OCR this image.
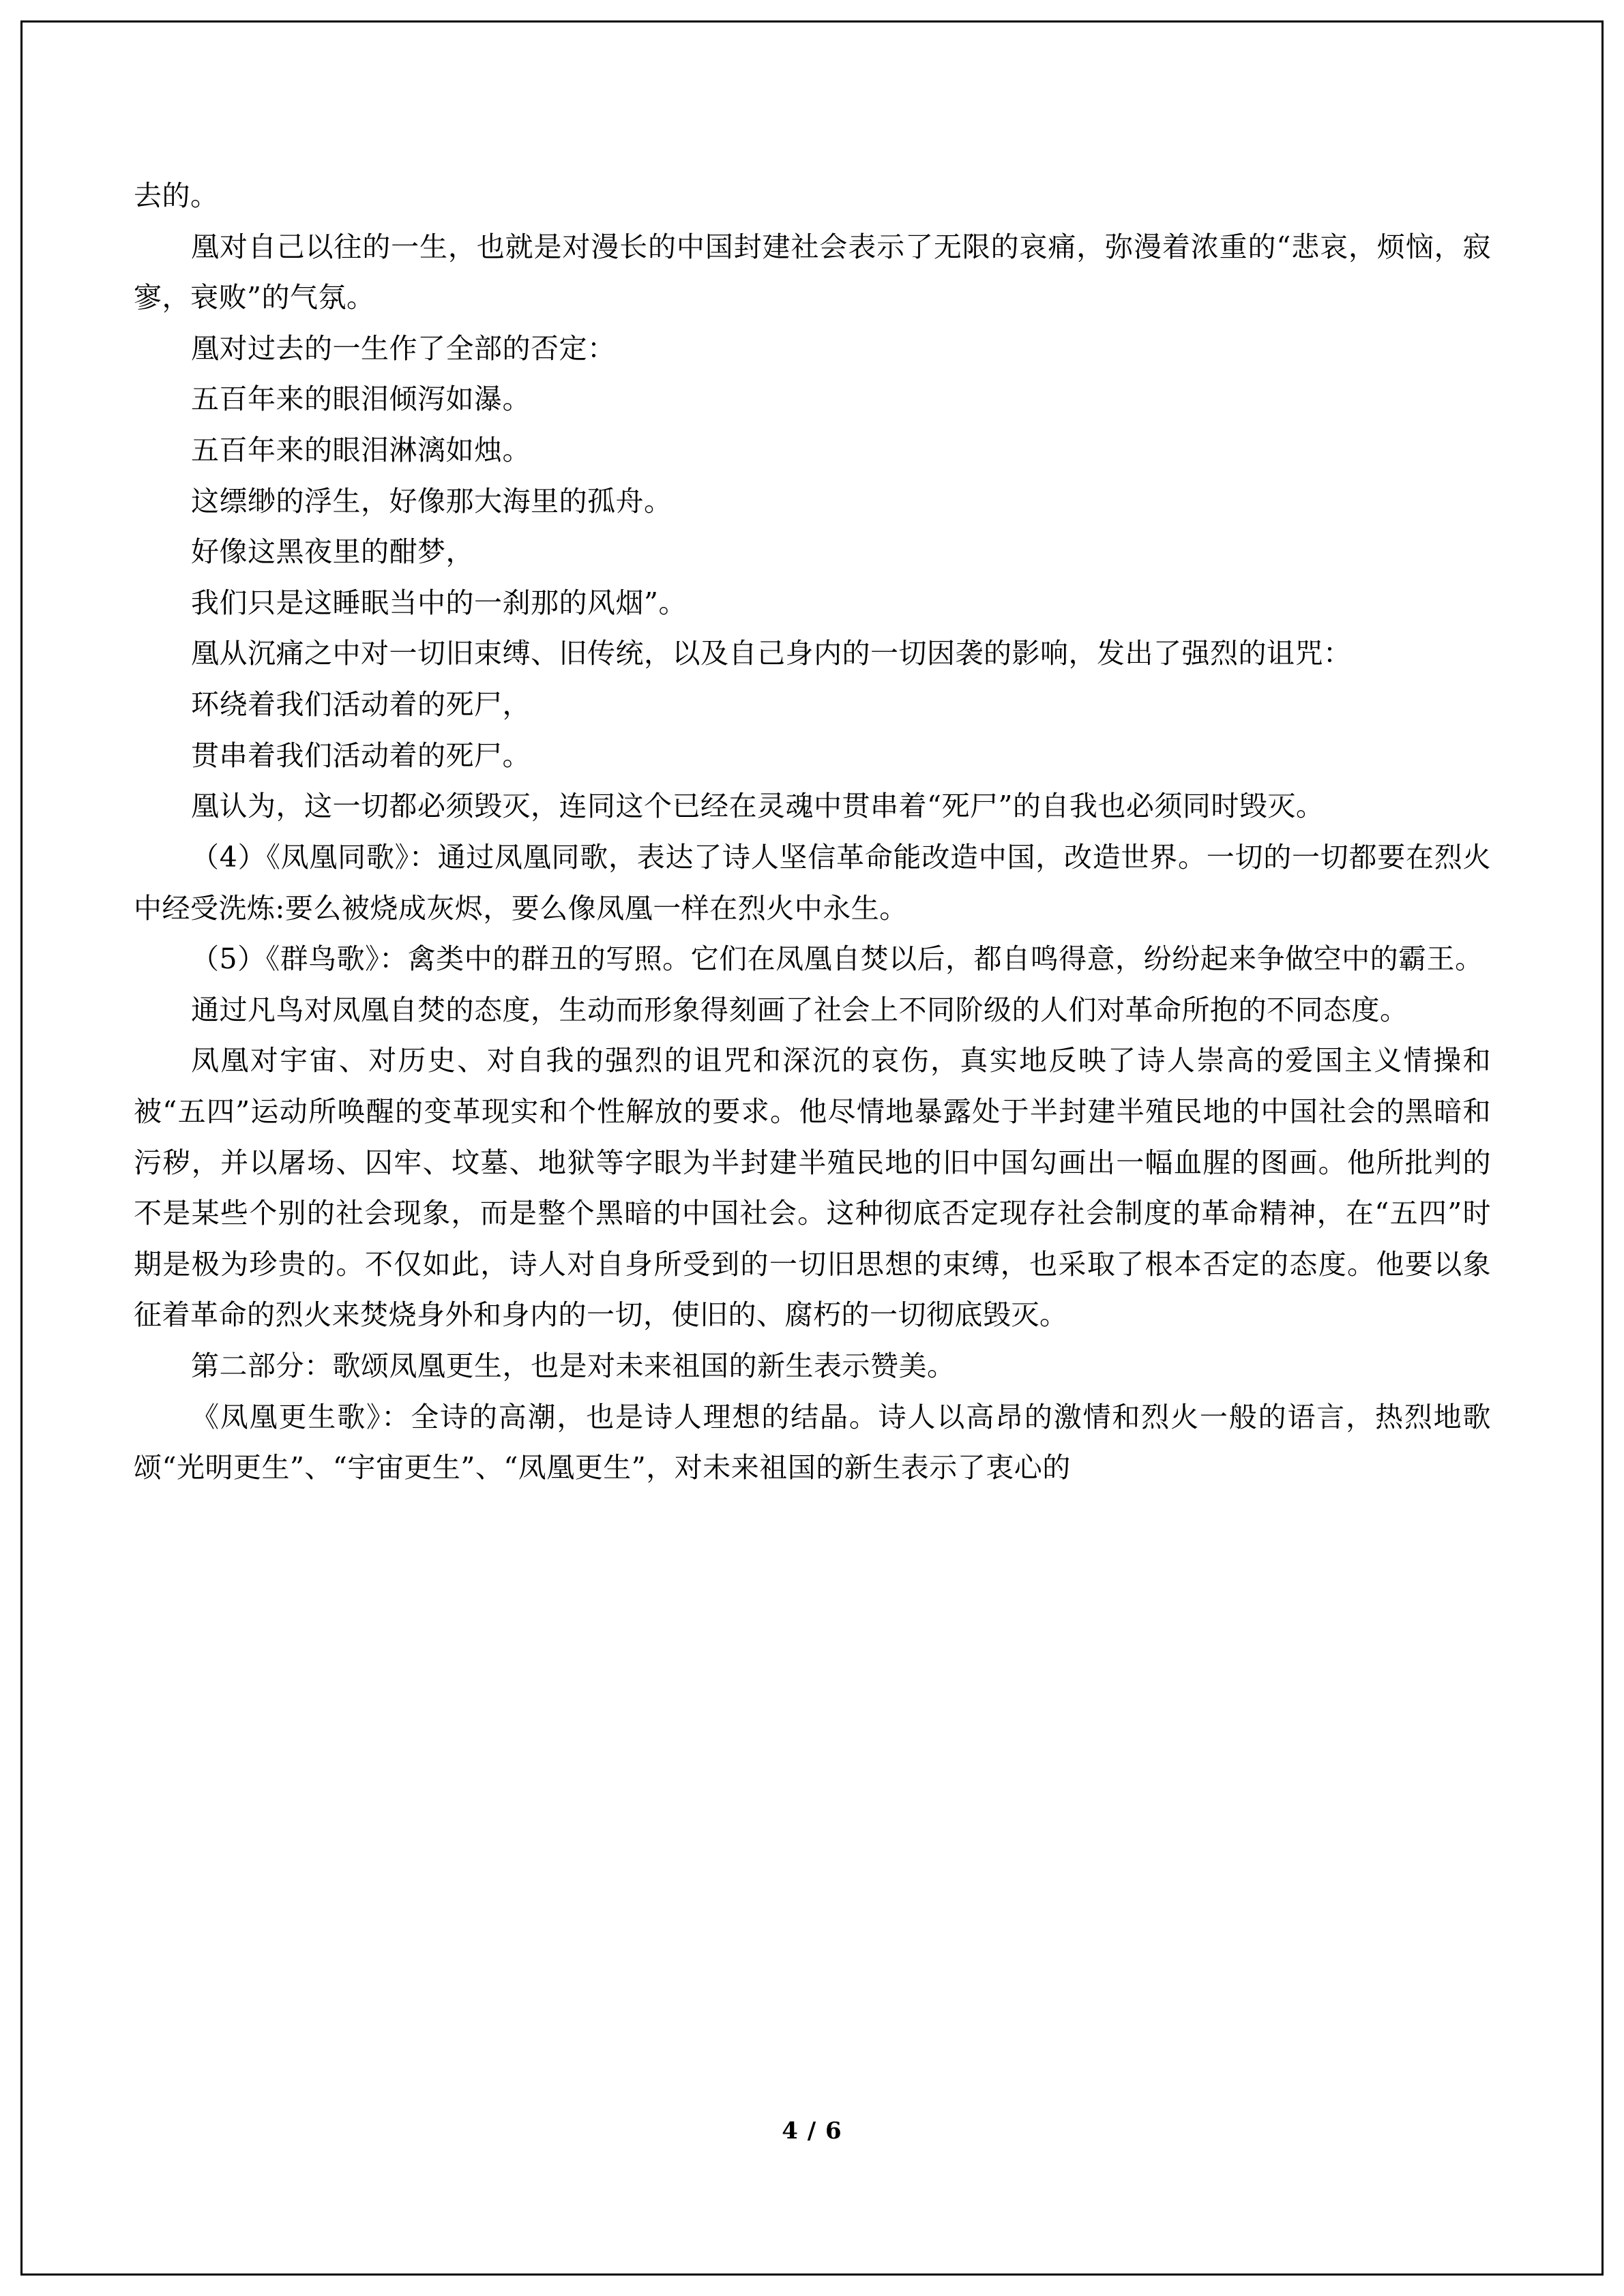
去的。

凰对自己以往的一生，也就是对漫长的中国封建社会表示了无限的哀痛，弥漫着浓重的“悲哀，烦恼，寂寥，衰败”的气氛。

凰对过去的一生作了全部的否定：

五百年来的眼泪倾泻如瀑。

五百年来的眼泪淋漓如烛。

这缥缈的浮生，好像那大海里的孤舟。

好像这黑夜里的酣梦，

我们只是这睡眠当中的一刹那的风烟”。

凰从沉痛之中对一切旧束缚、旧传统，以及自己身内的一切因袭的影响，发出了强烈的诅咒：

环绕着我们活动着的死尸，

贯串着我们活动着的死尸。

凰认为，这一切都必须毁灭，连同这个已经在灵魂中贯串着“死尸”的自我也必须同时毁灭。

（4）《凤凰同歌》：通过凤凰同歌，表达了诗人坚信革命能改造中国，改造世界。一切的一切都要在烈火中经受洗炼:要么被烧成灰烬，要么像凤凰一样在烈火中永生。

（5）《群鸟歌》：禽类中的群丑的写照。它们在凤凰自焚以后，都自鸣得意，纷纷起来争做空中的霸王。

通过凡鸟对凤凰自焚的态度，生动而形象得刻画了社会上不同阶级的人们对革命所抱的不同态度。

凤凰对宇宙、对历史、对自我的强烈的诅咒和深沉的哀伤，真实地反映了诗人崇高的爱国主义情操和被“五四”运动所唤醒的变革现实和个性解放的要求。他尽情地暴露处于半封建半殖民地的中国社会的黑暗和污秽，并以屠场、囚牢、坟墓、地狱等字眼为半封建半殖民地的旧中国勾画出一幅血腥的图画。他所批判的不是某些个别的社会现象，而是整个黑暗的中国社会。这种彻底否定现存社会制度的革命精神，在“五四”时期是极为珍贵的。不仅如此，诗人对自身所受到的一切旧思想的束缚，也采取了根本否定的态度。他要以象征着革命的烈火来焚烧身外和身内的一切，使旧的、腐朽的一切彻底毁灭。

第二部分：歌颂凤凰更生，也是对未来祖国的新生表示赞美。

《凤凰更生歌》：全诗的高潮，也是诗人理想的结晶。诗人以高昂的激情和烈火一般的语言，热烈地歌颂“光明更生”、“宇宙更生”、“凤凰更生”，对未来祖国的新生表示了衷心的

4 / 6
